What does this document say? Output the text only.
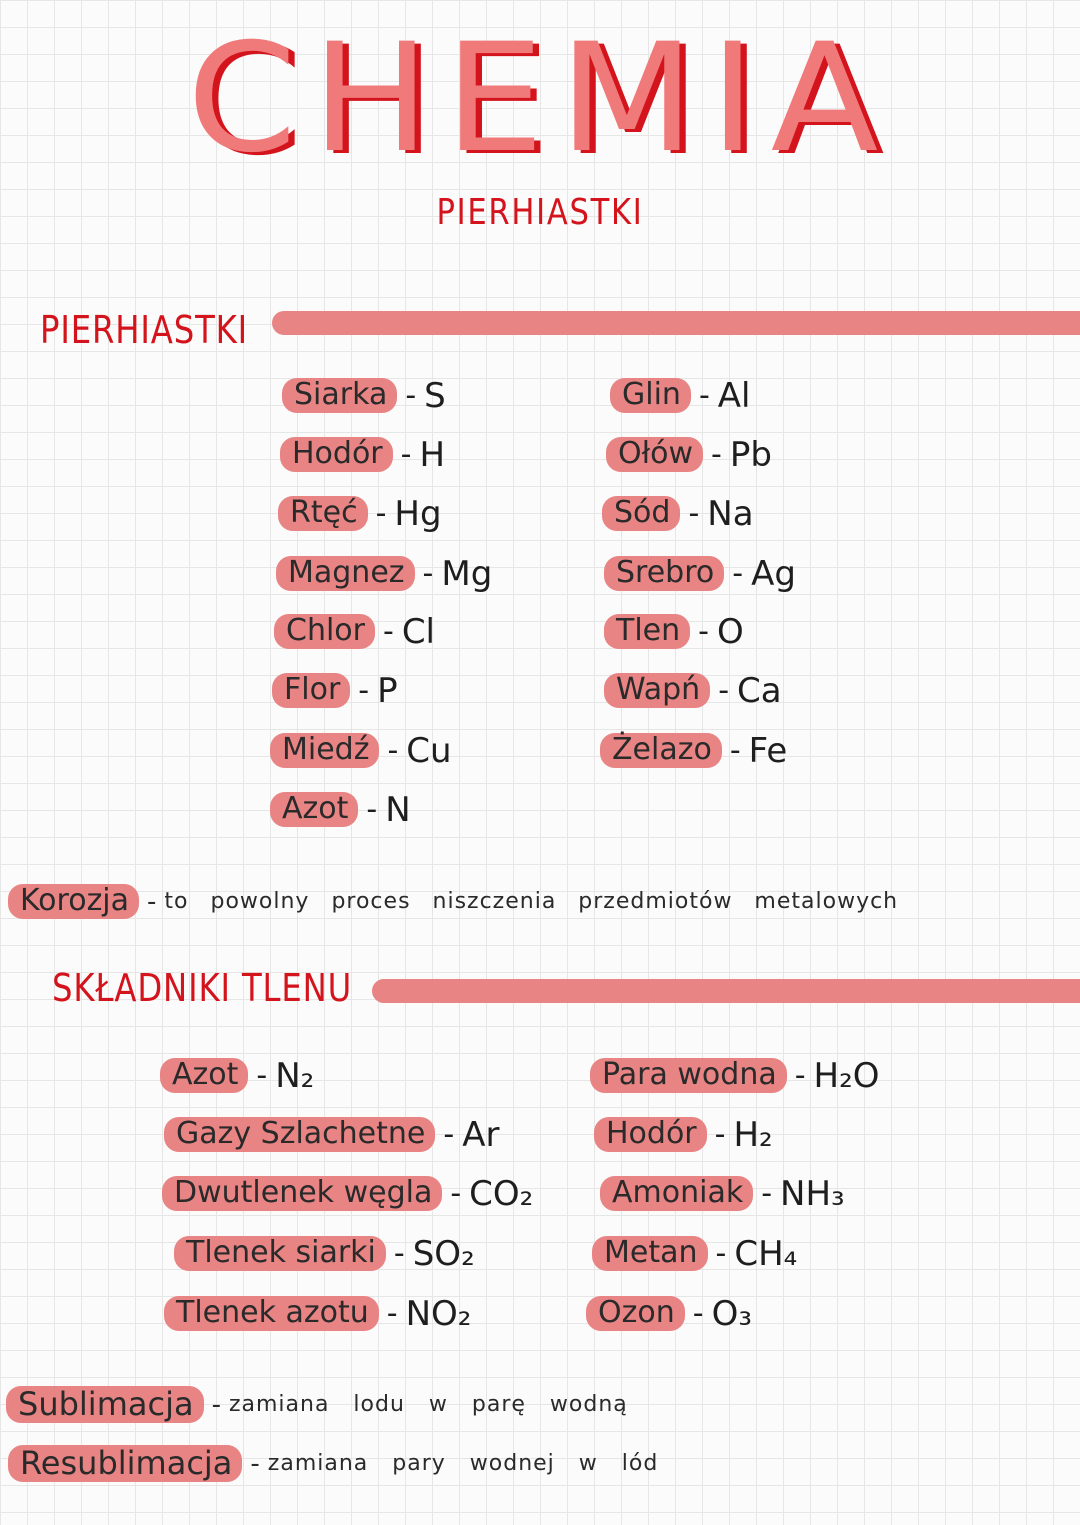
CHEMIA
PIERHIASTKI
PIERHIASTKI
Siarka - S
Hodór - H
Rtęć - Hg
Magnez - Mg
Chlor - Cl
Flor - P
Miedź - Cu
Azot - N
Glin - Al
Ołów - Pb
Sód - Na
Srebro - Ag
Tlen - O
Wapń - Ca
Żelazo - Fe
Korozja - to powolny proces niszczenia przedmiotów metalowych
SKŁADNIKI TLENU
Azot - N₂
Gazy Szlachetne - Ar
Dwutlenek węgla - CO₂
Tlenek siarki - SO₂
Tlenek azotu - NO₂
Para wodna - H₂O
Hodór - H₂
Amoniak - NH₃
Metan - CH₄
Ozon - O₃
Sublimacja - zamiana lodu w parę wodną
Resublimacja - zamiana pary wodnej w lód
